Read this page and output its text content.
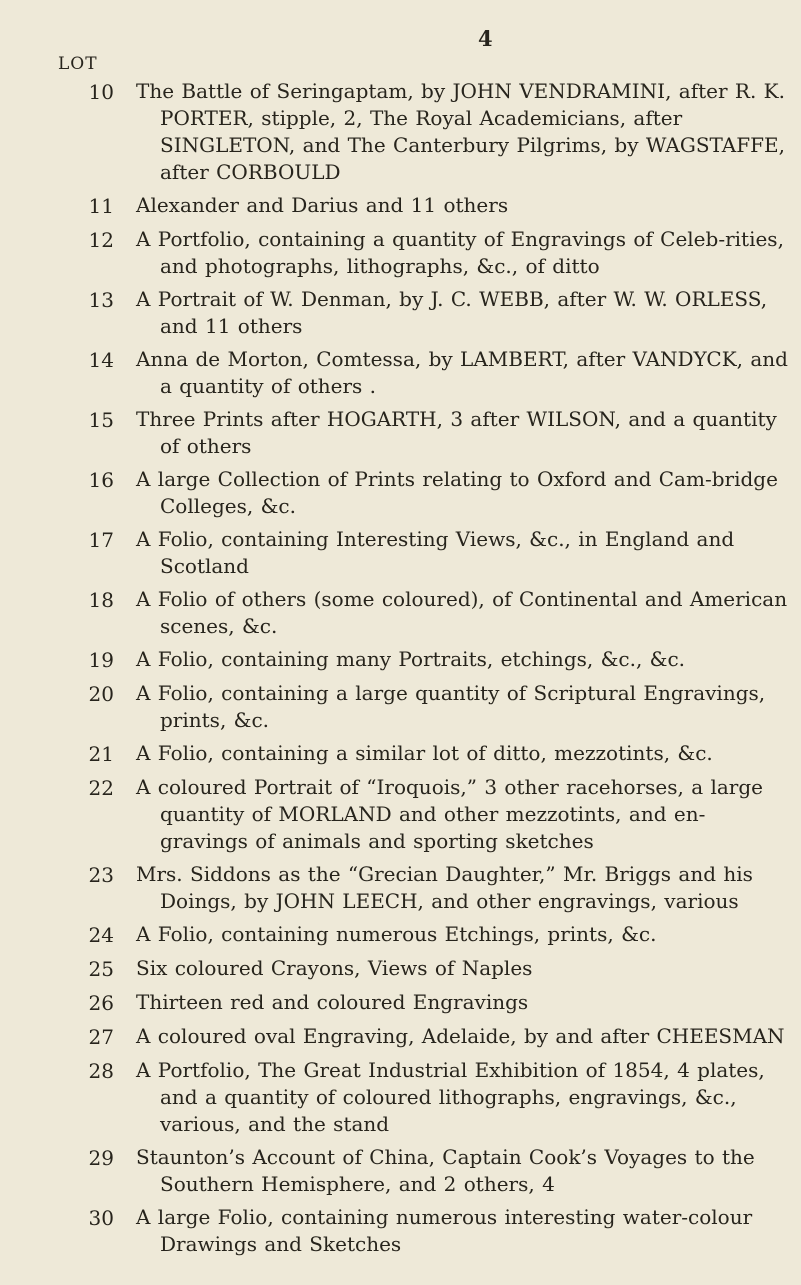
4
LOT
10 The Battle of Seringaptam, by JOHN VENDRAMINI, after R. K. PORTER, stipple, 2, The Royal Academicians, after SINGLETON, and The Canterbury Pilgrims, by WAGSTAFFE, after CORBOULD
11 Alexander and Darius and 11 others
12 A Portfolio, containing a quantity of Engravings of Celeb-rities, and photographs, lithographs, &c., of ditto
13 A Portrait of W. Denman, by J. C. WEBB, after W. W. ORLESS, and 11 others
14 Anna de Morton, Comtessa, by LAMBERT, after VANDYCK, and a quantity of others .
15 Three Prints after HOGARTH, 3 after WILSON, and a quantity of others
16 A large Collection of Prints relating to Oxford and Cam-bridge Colleges, &c.
17 A Folio, containing Interesting Views, &c., in England and Scotland
18 A Folio of others (some coloured), of Continental and American scenes, &c.
19 A Folio, containing many Portraits, etchings, &c., &c.
20 A Folio, containing a large quantity of Scriptural Engravings, prints, &c.
21 A Folio, containing a similar lot of ditto, mezzotints, &c.
22 A coloured Portrait of “Iroquois,” 3 other racehorses, a large quantity of MORLAND and other mezzotints, and en-gravings of animals and sporting sketches
23 Mrs. Siddons as the “Grecian Daughter,” Mr. Briggs and his Doings, by JOHN LEECH, and other engravings, various
24 A Folio, containing numerous Etchings, prints, &c.
25 Six coloured Crayons, Views of Naples
26 Thirteen red and coloured Engravings
27 A coloured oval Engraving, Adelaide, by and after CHEESMAN
28 A Portfolio, The Great Industrial Exhibition of 1854, 4 plates, and a quantity of coloured lithographs, engravings, &c., various, and the stand
29 Staunton’s Account of China, Captain Cook’s Voyages to the Southern Hemisphere, and 2 others, 4
30 A large Folio, containing numerous interesting water-colour Drawings and Sketches
